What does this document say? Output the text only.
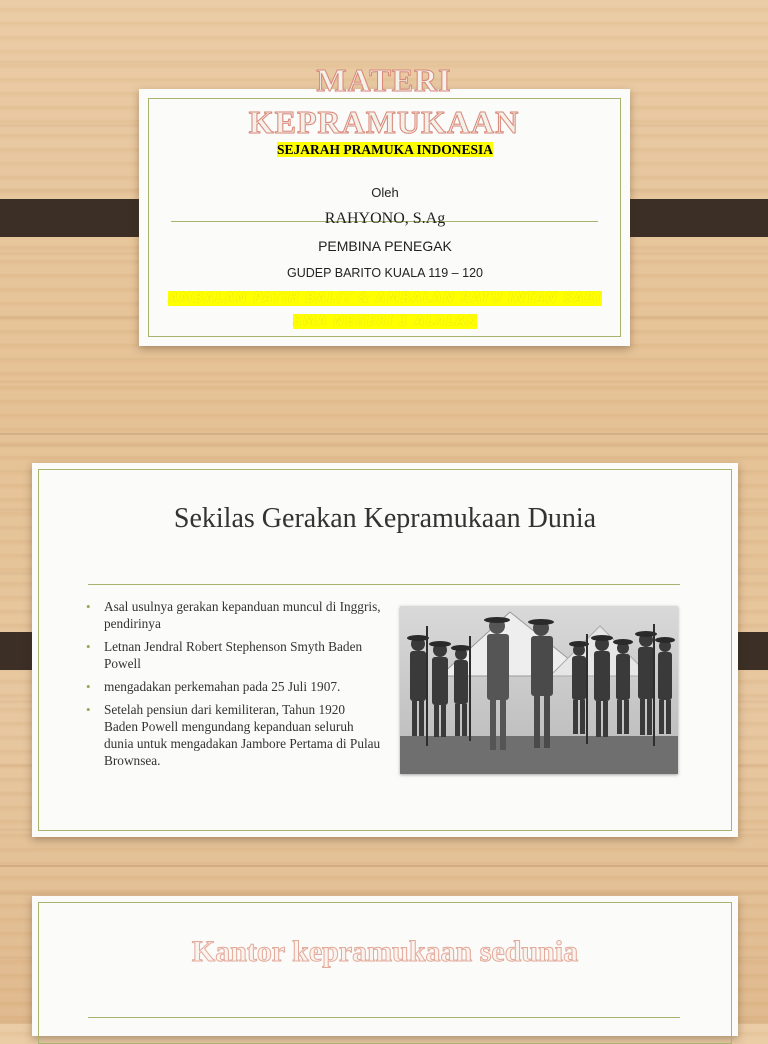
MATERI
KEPRAMUKAAN
SEJARAH PRAMUKA INDONESIA
Oleh
RAHYONO, S.Ag
PEMBINA PENEGAK
GUDEP BARITO KUALA 119 – 120
AMBALAN PATIH BALIT & AMBALAN RATU INTAN SARI
SMA NEGERI 1 ALALAK
Sekilas Gerakan Kepramukaan Dunia
• Asal usulnya gerakan kepanduan muncul di Inggris, pendirinya
• Letnan Jendral Robert Stephenson Smyth Baden Powell
• mengadakan perkemahan pada 25 Juli 1907.
• Setelah pensiun dari kemiliteran, Tahun 1920 Baden Powell mengundang kepanduan seluruh dunia untuk mengadakan Jambore Pertama di Pulau Brownsea.
Kantor kepramukaan sedunia
